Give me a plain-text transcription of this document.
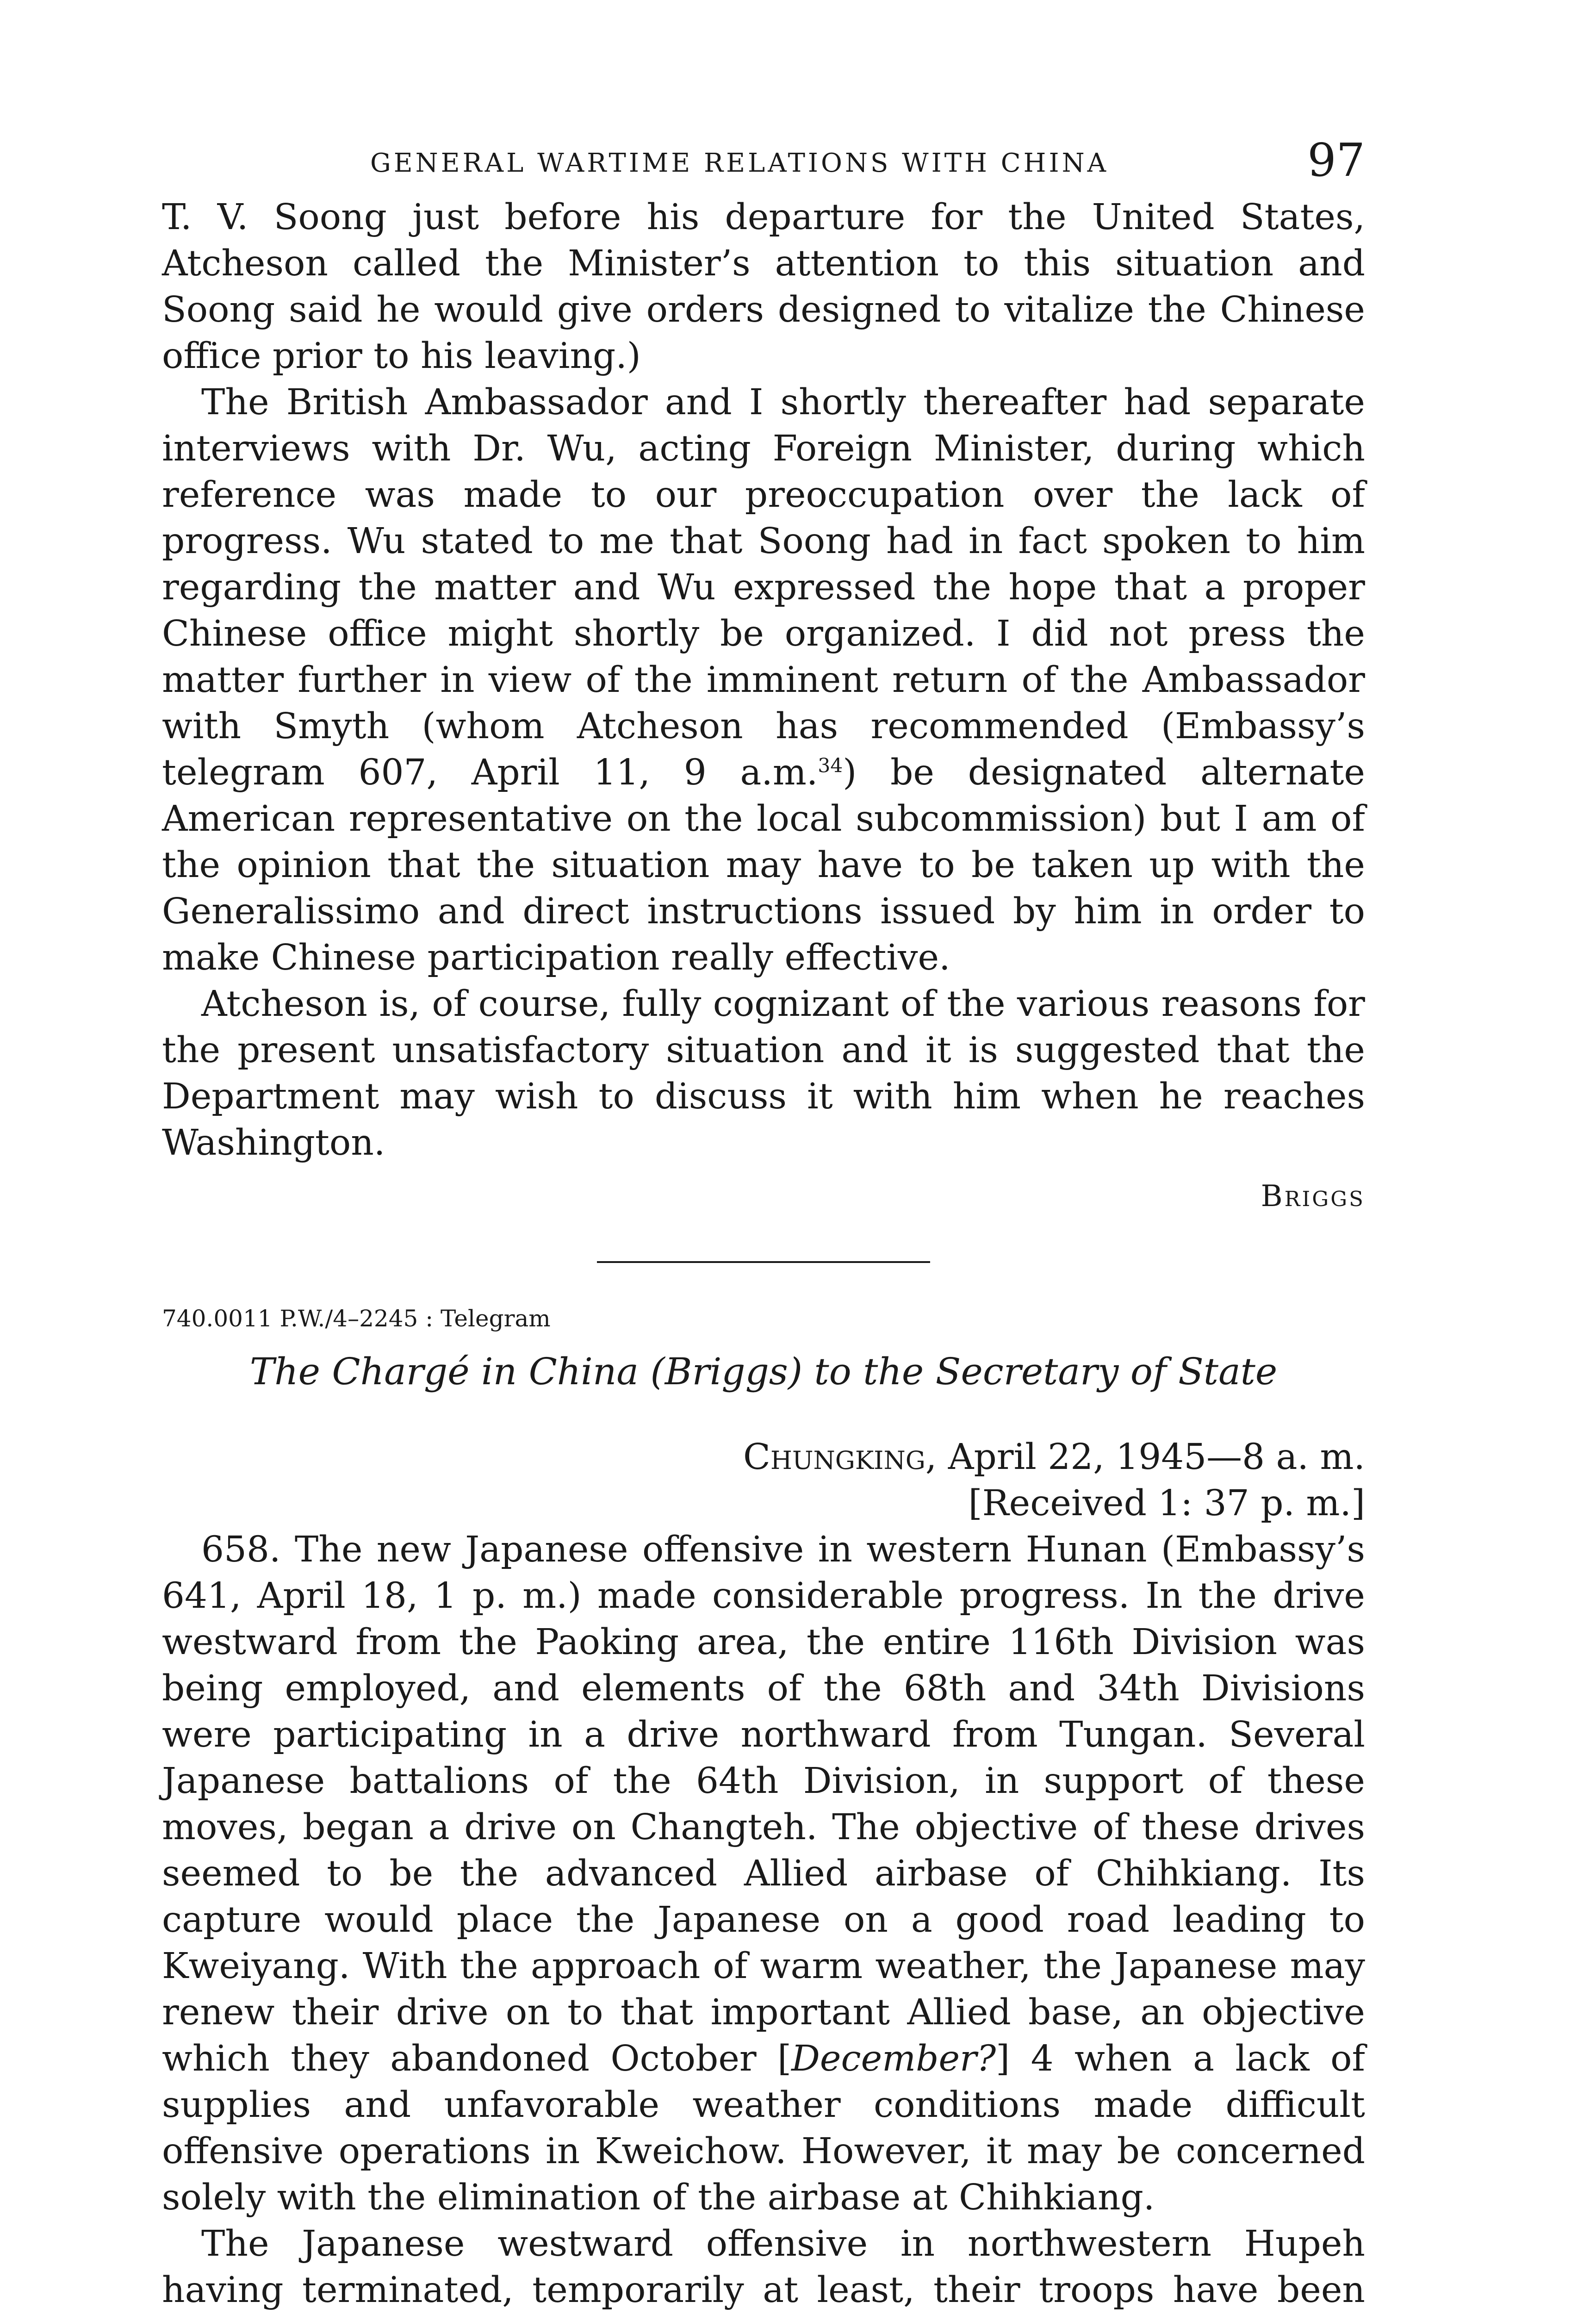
GENERAL WARTIME RELATIONS WITH CHINA	97

T. V. Soong just before his departure for the United States, Atcheson called the Minister’s attention to this situation and Soong said he would give orders designed to vitalize the Chinese office prior to his leaving.)

The British Ambassador and I shortly thereafter had separate interviews with Dr. Wu, acting Foreign Minister, during which reference was made to our preoccupation over the lack of progress. Wu stated to me that Soong had in fact spoken to him regarding the matter and Wu expressed the hope that a proper Chinese office might shortly be organized. I did not press the matter further in view of the imminent return of the Ambassador with Smyth (whom Atcheson has recommended (Embassy’s telegram 607, April 11, 9 a.m.$^{34}$) be designated alternate American representative on the local subcommission) but I am of the opinion that the situation may have to be taken up with the Generalissimo and direct instructions issued by him in order to make Chinese participation really effective.

Atcheson is, of course, fully cognizant of the various reasons for the present unsatisfactory situation and it is suggested that the Department may wish to discuss it with him when he reaches Washington.

Briggs

740.0011 P.W./4–2245 : Telegram

The Chargé in China (Briggs) to the Secretary of State

Chungking, April 22, 1945—8 a. m.

[Received 1: 37 p. m.]

658. The new Japanese offensive in western Hunan (Embassy’s 641, April 18, 1 p. m.) made considerable progress. In the drive westward from the Paoking area, the entire 116th Division was being employed, and elements of the 68th and 34th Divisions were participating in a drive northward from Tungan. Several Japanese battalions of the 64th Division, in support of these moves, began a drive on Changteh. The objective of these drives seemed to be the advanced Allied airbase of Chihkiang. Its capture would place the Japanese on a good road leading to Kweiyang. With the approach of warm weather, the Japanese may renew their drive on to that important Allied base, an objective which they abandoned October [December?] 4 when a lack of supplies and unfavorable weather conditions made difficult offensive operations in Kweichow. However, it may be concerned solely with the elimination of the airbase at Chihkiang.

The Japanese westward offensive in northwestern Hupeh having terminated, temporarily at least, their troops have been
